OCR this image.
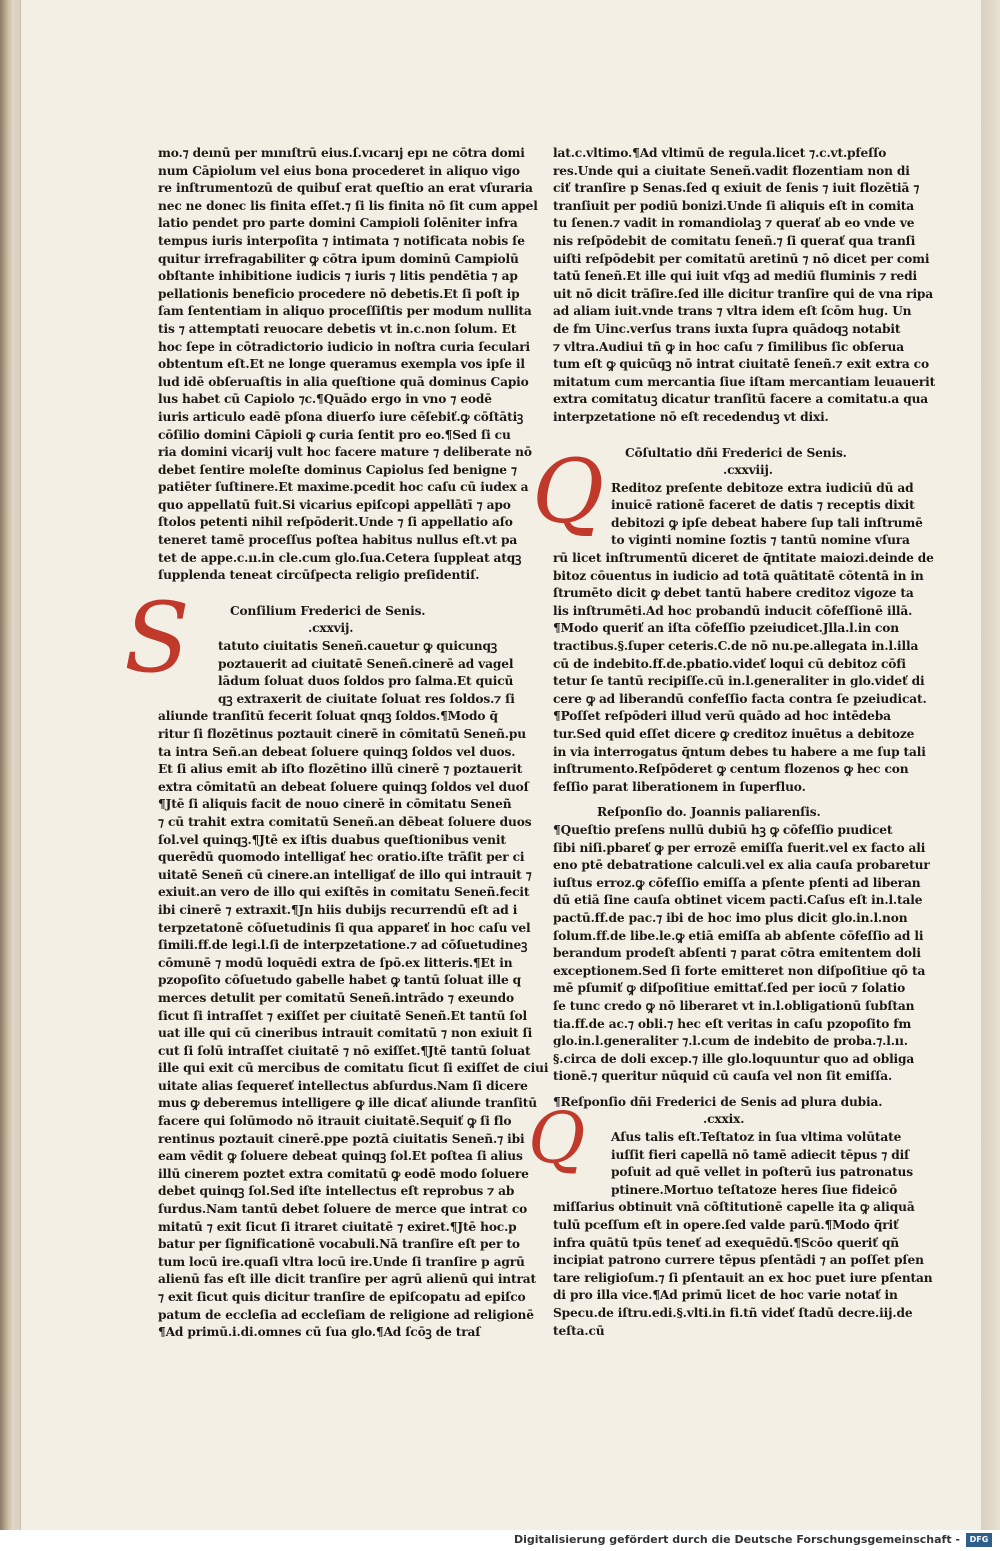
S
Q
Q
mo.⁊ deınū per mınıſtrū eius.ſ.vıcarıj epı ne cōtra domi
num Cāpiolum vel eius bona procederet in aliquo vigo
re inſtrumentozū de quibuſ erat queſtio an erat vſuraria
nec ne donec lis finita eſſet.⁊ ſi lis finita nō ſit cum appel
latio pendet pro parte domini Campioli ſolēniter infra
tempus iuris interpoſita ⁊ intimata ⁊ notificata nobis ſe
quitur irrefragabiliter ꝙ cōtra ipum dominū Campiolū
obſtante inhibitione iudicis ⁊ iuris ⁊ litis pendētia ⁊ ap
pellationis beneficio procedere nō debetis.Et ſi poſt ip
ſam ſententiam in aliquo proceſſiſtis per modum nullita
tis ⁊ attemptati reuocare debetis vt in.c.non ſolum. Et
hoc ſepe in cōtradictorio iudicio in noſtra curia ſeculari
obtentum eſt.Et ne longe queramus exempla vos ipſe il
lud idē obſeruaſtis in alia queſtione quā dominus Capio
lus habet cū Capiolo ⁊c.¶Quādo ergo in vno ⁊ eodē
iuris articulo eadē pſona diuerſo iure cēſebiť.ꝙ cōſtātiꝫ
cōſilio domini Cāpioli ꝙ curia ſentit pro eo.¶Sed ſi cu
ria domini vicarij vult hoc facere mature ⁊ deliberate nō
debet ſentire moleſte dominus Capiolus ſed benigne ⁊
patiēter ſuſtinere.Et maxime.pcedit hoc caſu cū iudex a
quo appellatū fuit.Si vicarius epiſcopi appellātī ⁊ apo
ſtolos petenti nihil reſpōderit.Unde ⁊ ſi appellatio aſo
teneret tamē proceſſus poſtea habitus nullus eſt.vt pa
tet de appe.c.ıı.in cle.cum glo.ſua.Cetera ſuppleat atqꝫ
ſupplenda teneat circūſpecta religio preſidentiſ.
Conſilium Frederici de Senis.
.cxxvij.
tatuto ciuitatis Seneñ.cauetur ꝙ quicunqꝫ
poztauerit ad ciuitatē Seneñ.cinerē ad vagel
lādum ſoluat duos ſoldos pro ſalma.Et quicū
qꝫ extraxerit de ciuitate ſoluat res ſoldos.⁊ ſi
aliunde tranſitū fecerit ſoluat qnqꝫ ſoldos.¶Modo q̄
ritur ſi flozētinus poztauit cinerē in cōmitatū Seneñ.pu
ta intra Señ.an debeat ſoluere quinqꝫ ſoldos vel duos.
Et ſi alius emit ab iſto flozētino illū cinerē ⁊ poztauerit
extra cōmitatū an debeat ſoluere quinqꝫ ſoldos vel duoſ
¶Jtē ſi aliquis facit de nouo cinerē in cōmitatu Seneñ
⁊ cū trahit extra comitatū Seneñ.an dēbeat ſoluere duos
ſol.vel quinqꝫ.¶Jtē ex iſtis duabus queſtionibus venit
querēdū quomodo intelligať hec oratio.iſte trāſit per ci
uitatē Seneñ cū cinere.an intelligať de illo qui intrauit ⁊
exiuit.an vero de illo qui exiſtēs in comitatu Seneñ.fecit
ibi cinerē ⁊ extraxit.¶Jn hiis dubijs recurrendū eſt ad i
terpzetatonē cōſuetudinis ſi qua appareť in hoc caſu vel
ſimili.ff.de legi.l.ſi de interpzetatione.⁊ ad cōſuetudineꝫ
cōmunē ⁊ modū loquēdi extra de ſpō.ex litteris.¶Et in
pzopoſito cōſuetudo gabelle habet ꝙ tantū ſoluat ille q
merces detulit per comitatū Seneñ.intrādo ⁊ exeundo
ſicut ſi intraſſet ⁊ exiſſet per ciuitatē Seneñ.Et tantū ſol
uat ille qui cū cineribus intrauit comitatū ⁊ non exiuit ſi
cut ſi ſolū intraſſet ciuitatē ⁊ nō exiſſet.¶Jtē tantū ſoluat
ille qui exit cū mercibus de comitatu ſicut ſi exiſſet de ciui
uitate alias ſequereť intellectus abſurdus.Nam ſi dicere
mus ꝙ deberemus intelligere ꝙ ille dicať aliunde tranſitū
facere qui ſolūmodo nō itrauit ciuitatē.Sequiť ꝙ ſi flo
rentinus poztauit cinerē.ppe poztā ciuitatis Seneñ.⁊ ibi
eam vēdit ꝙ ſoluere debeat quinqꝫ ſol.Et poſtea ſi alius
illū cinerem poztet extra comitatū ꝙ eodē modo ſoluere
debet quinqꝫ ſol.Sed iſte intellectus eſt reprobus ⁊ ab
ſurdus.Nam tantū debet ſoluere de merce que intrat co
mitatū ⁊ exit ſicut ſi itraret ciuitatē ⁊ exiret.¶Jtē hoc.p
batur per ſignificationē vocabuli.Nā tranſire eſt per to
tum locū ire.quaſi vltra locū ire.Unde ſi tranſire p agrū
alienū fas eſt ille dicit tranſire per agrū alienū qui intrat
⁊ exit ſicut quis dicitur tranſire de epiſcopatu ad epiſco
patum de eccleſia ad eccleſiam de religione ad religionē
¶Ad primū.i.di.omnes cū ſua glo.¶Ad ſcōꝫ de traſ
lat.c.vltimo.¶Ad vltimū de regula.licet ⁊.c.vt.pfeſſo
res.Unde qui a ciuitate Seneñ.vadit flozentiam non di
ciť tranſire p Senas.ſed q exiuit de ſenis ⁊ iuit flozētiā ⁊
tranſiuit per podiū bonizi.Unde ſi aliquis eſt in comita
tu ſenen.⁊ vadit in romandiolaꝫ ⁊ querať ab eo vnde ve
nis reſpōdebit de comitatu ſeneñ.⁊ ſi querať qua tranſi
uiſti reſpōdebit per comitatū aretinū ⁊ nō dicet per comi
tatū ſeneñ.Et ille qui iuit vſqꝫ ad mediū fluminis ⁊ redi
uit nō dicit trāſire.ſed ille dicitur tranſire qui de vna ripa
ad aliam iuit.vnde trans ⁊ vltra idem eſt ſcōm hug. Un
de fm Uinc.verſus trans iuxta ſupra quādoqꝫ notabit
⁊ vltra.Audiui tñ ꝙ in hoc caſu ⁊ ſimilibus ſic obſerua
tum eſt ꝙ quicūqꝫ nō intrat ciuitatē ſeneñ.⁊ exit extra co
mitatum cum mercantia ſiue iſtam mercantiam leuauerit
extra comitatuꝫ dicatur tranſitū facere a comitatu.a qua
interpzetatione nō eſt recedenduꝫ vt dixi.
Cōſultatio dñi Frederici de Senis.
.cxxviij.
Reditoz preſente debitoze extra iudiciū dū ad
inuicē rationē faceret de datis ⁊ receptis dixit
debitozi ꝙ ipſe debeat habere ſup tali inſtrumē
to viginti nomine ſoztis ⁊ tantū nomine vſura
rū licet inſtrumentū diceret de q̄ntitate maiozi.deinde de
bitoz cōuentus in iudicio ad totā quātitatē cōtentā in in
ſtrumēto dicit ꝙ debet tantū habere creditoz vigoze ta
lis inſtrumēti.Ad hoc probandū inducit cōfeſſionē illā.
¶Modo queriť an iſta cōfeſſio pzeiudicet.Jlla.l.in con
tractibus.§.ſuper ceteris.C.de nō nu.pe.allegata in.l.illa
cū de indebito.ff.de.pbatio.videť loqui cū debitoz cōfi
tetur ſe tantū recipiſſe.cū in.l.generaliter in glo.videť di
cere ꝙ ad liberandū confeſſio facta contra ſe pzeiudicat.
¶Poſſet reſpōderi illud verū quādo ad hoc intēdeba
tur.Sed quid eſſet dicere ꝙ creditoz inuētus a debitoze
in via interrogatus q̄ntum debes tu habere a me ſup tali
inſtrumento.Reſpōderet ꝙ centum flozenos ꝙ hec con
feſſio parat liberationem in ſuperfluo.
Reſponſio do. Joannis paliarenſis.
¶Queſtio preſens nullū dubiū hꝫ ꝙ cōfeſſio pıudicet
ſibi niſi.pbareť ꝙ per errozē emiſſa fuerit.vel ex facto ali
eno ptē debatratione calculi.vel ex alia cauſa probaretur
iuſtus erroz.ꝙ cōfeſſio emiſſa a pſente pſenti ad liberan
dū etiā ſine cauſa obtinet vicem pacti.Caſus eſt in.l.tale
pactū.ff.de pac.⁊ ibi de hoc imo plus dicit glo.in.l.non
ſolum.ff.de libe.le.ꝙ etiā emiſſa ab abſente cōfeſſio ad li
berandum prodeſt abſenti ⁊ parat cōtra emitentem doli
exceptionem.Sed ſi forte emitteret non diſpoſitiue qō ta
mē pſumiť ꝙ diſpoſitiue emittať.ſed per iocū ⁊ ſolatio
ſe tunc credo ꝙ nō liberaret vt in.l.obligationū ſubſtan
tia.ff.de ac.⁊ obli.⁊ hec eſt veritas in caſu pzopoſito fm
glo.in.l.generaliter ⁊.l.cum de indebito de proba.⁊.l.ıı.
§.circa de doli excep.⁊ ille glo.loquuntur quo ad obliga
tionē.⁊ queritur nūquid cū cauſa vel non ſit emiſſa.
¶Reſponſio dñi Frederici de Senis ad plura dubia.
.cxxix.
Aſus talis eſt.Teſtatoz in ſua vltima volūtate
iuſſit fieri capellā nō tamē adiecit tēpus ⁊ diſ
poſuit ad quē vellet in poſterū ius patronatus
ptinere.Mortuo teſtatoze heres ſiue fideicō
miſſarius obtinuit vnā cōſtitutionē capelle ita ꝙ aliquā
tulū pceſſum eſt in opere.ſed valde parū.¶Modo q̄riť
infra quātū tpūs teneť ad exequēdū.¶Scōo queriť qñ
incipiat patrono currere tēpus pſentādi ⁊ an poſſet pſen
tare religioſum.⁊ ſi pſentauit an ex hoc puet iure pſentan
di pro illa vice.¶Ad primū licet de hoc varie notať in
Specu.de iſtru.edi.§.vlti.in fi.tñ videť ſtadū decre.iij.de
teſta.cū
Digitalisierung gefördert durch die Deutsche Forschungsgemeinschaft -	DFG
